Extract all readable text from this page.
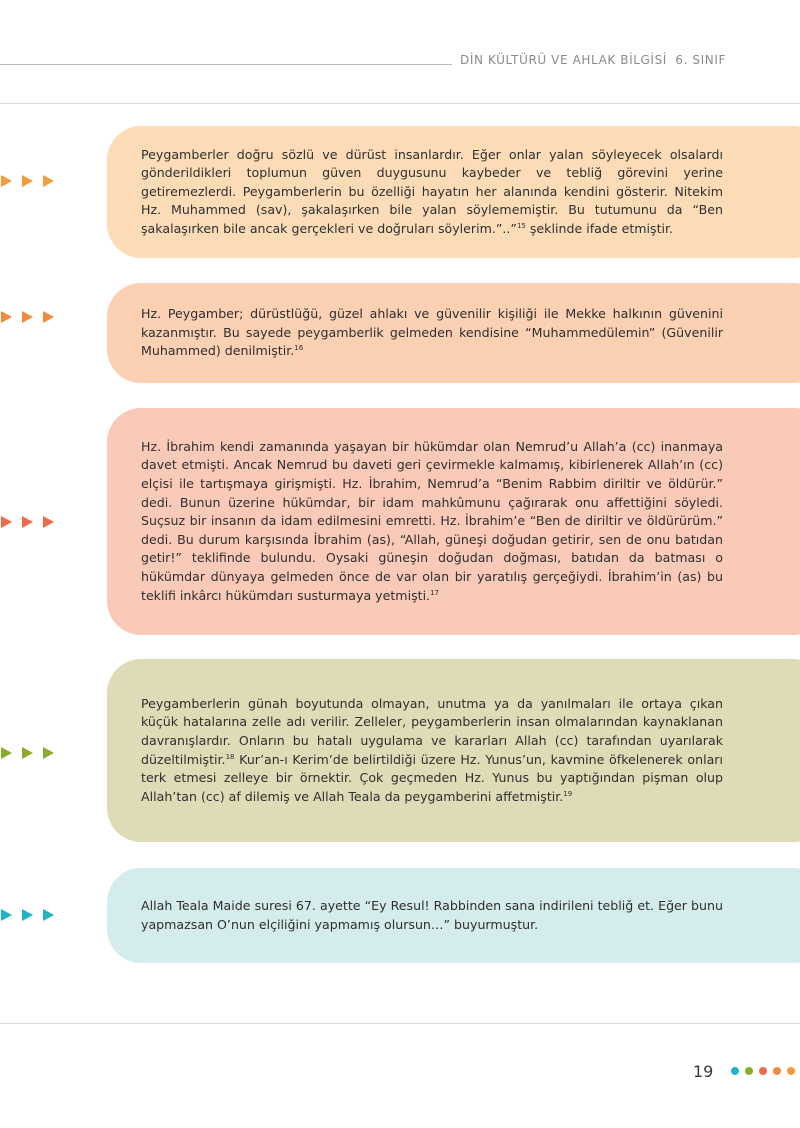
DİN KÜLTÜRÜ VE AHLAK BİLGİSİ 6. SINIF

Peygamberler doğru sözlü ve dürüst insanlardır. Eğer onlar yalan söyleyecek olsalardı gönderildikleri toplumun güven duygusunu kaybeder ve tebliğ görevini yerine getiremezlerdi. Peygamberlerin bu özelliği hayatın her alanında kendini gösterir. Nitekim Hz. Muhammed (sav), şakalaşırken bile yalan söylememiştir. Bu tutumunu da “Ben şakalaşırken bile ancak gerçekleri ve doğruları söylerim.”..”$^{15}$ şeklinde ifade etmiştir.

Hz. Peygamber; dürüstlüğü, güzel ahlakı ve güvenilir kişiliği ile Mekke halkının güvenini kazanmıştır. Bu sayede peygamberlik gelmeden kendisine “Muhammedülemin” (Güvenilir Muhammed) denilmiştir.$^{16}$

Hz. İbrahim kendi zamanında yaşayan bir hükümdar olan Nemrud’u Allah’a (cc) inanmaya davet etmişti. Ancak Nemrud bu daveti geri çevirmekle kalmamış, kibirlenerek Allah’ın (cc) elçisi ile tartışmaya girişmişti. Hz. İbrahim, Nemrud’a “Benim Rabbim diriltir ve öldürür.” dedi. Bunun üzerine hükümdar, bir idam mahkûmunu çağırarak onu affettiğini söyledi. Suçsuz bir insanın da idam edilmesini emretti. Hz. İbrahim’e “Ben de diriltir ve öldürürüm.” dedi. Bu durum karşısında İbrahim (as), “Allah, güneşi doğudan getirir, sen de onu batıdan getir!” teklifinde bulundu. Oysaki güneşin doğudan doğması, batıdan da batması o hükümdar dünyaya gelmeden önce de var olan bir yaratılış gerçeğiydi. İbrahim’in (as) bu teklifi inkârcı hükümdarı susturmaya yetmişti.$^{17}$

Peygamberlerin günah boyutunda olmayan, unutma ya da yanılmaları ile ortaya çıkan küçük hatalarına zelle adı verilir. Zelleler, peygamberlerin insan olmalarından kaynaklanan davranışlardır. Onların bu hatalı uygulama ve kararları Allah (cc) tarafından uyarılarak düzeltilmiştir.$^{18}$ Kur’an-ı Kerim’de belirtildiği üzere Hz. Yunus’un, kavmine öfkelenerek onları terk etmesi zelleye bir örnektir. Çok geçmeden Hz. Yunus bu yaptığından pişman olup Allah’tan (cc) af dilemiş ve Allah Teala da peygamberini affetmiştir.$^{19}$

Allah Teala Maide suresi 67. ayette “Ey Resul! Rabbinden sana indirileni tebliğ et. Eğer bunu yapmazsan O’nun elçiliğini yapmamış olursun…” buyurmuştur.

19
